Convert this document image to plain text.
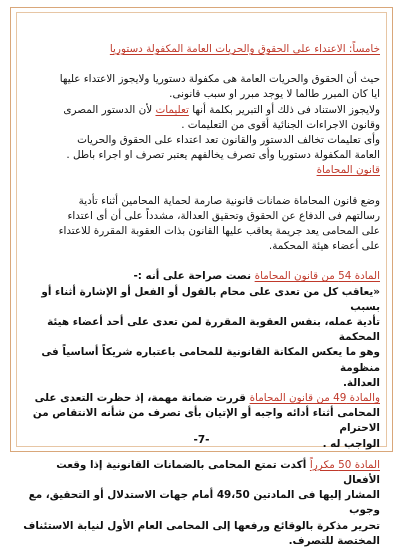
خامساً: الاعتداء على الحقوق والحريات العامة المكفولة دستوريا

حيث أن الحقوق والحريات العامة هى مكفولة دستوريا ولايجوز الاعتداء عليها

ايا كان المبرر طالما لا يوجد مبرر او سبب قانونى.

ولايجوز الاستناد فى ذلك أو التبرير بكلمة أنها تعليمات لأن الدستور المصرى

وقانون الاجراءات الجنائية أقوى من التعليمات .

وأى تعليمات تخالف الدستور والقانون تعد اعتداء على الحقوق والحريات

العامة المكفولة دستوريا وأى تصرف يخالفهم يعتبر تصرف او اجراء باطل .

قانون المحاماة

وضع قانون المحاماة ضمانات قانونية صارمة لحماية المحامين أثناء تأدية

رسالتهم فى الدفاع عن الحقوق وتحقيق العدالة، مشدداً على أن أى اعتداء

على المحامى يعد جريمة يعاقب عليها القانون بذات العقوبة المقررة للاعتداء

على أعضاء هيئة المحكمة.

المادة 54 من قانون المحاماة نصت صراحة على أنه :-

«يعاقب كل من تعدى على محام بالقول أو الفعل أو الإشارة أثناء أو بسبب

تأدية عمله، بنفس العقوبة المقررة لمن تعدى على أحد أعضاء هيئة المحكمة

وهو ما يعكس المكانة القانونية للمحامى باعتباره شريكاً أساسياً فى منظومة

العدالة.

والمادة 49 من قانون المحاماة قررت ضمانة مهمة، إذ حظرت التعدى على

المحامى أثناء أدائه واجبه أو الإتيان بأى تصرف من شأنه الانتقاص من الاحترام

الواجب له .

المادة 50 مكرراً أكدت تمتع المحامى بالضمانات القانونية إذا وقعت الأفعال

المشار إليها فى المادتين 49،50 أمام جهات الاستدلال أو التحقيق، مع وجوب

تحرير مذكرة بالوقائع ورفعها إلى المحامى العام الأول لنيابة الاستئناف

المختصة للتصرف.

-7-
